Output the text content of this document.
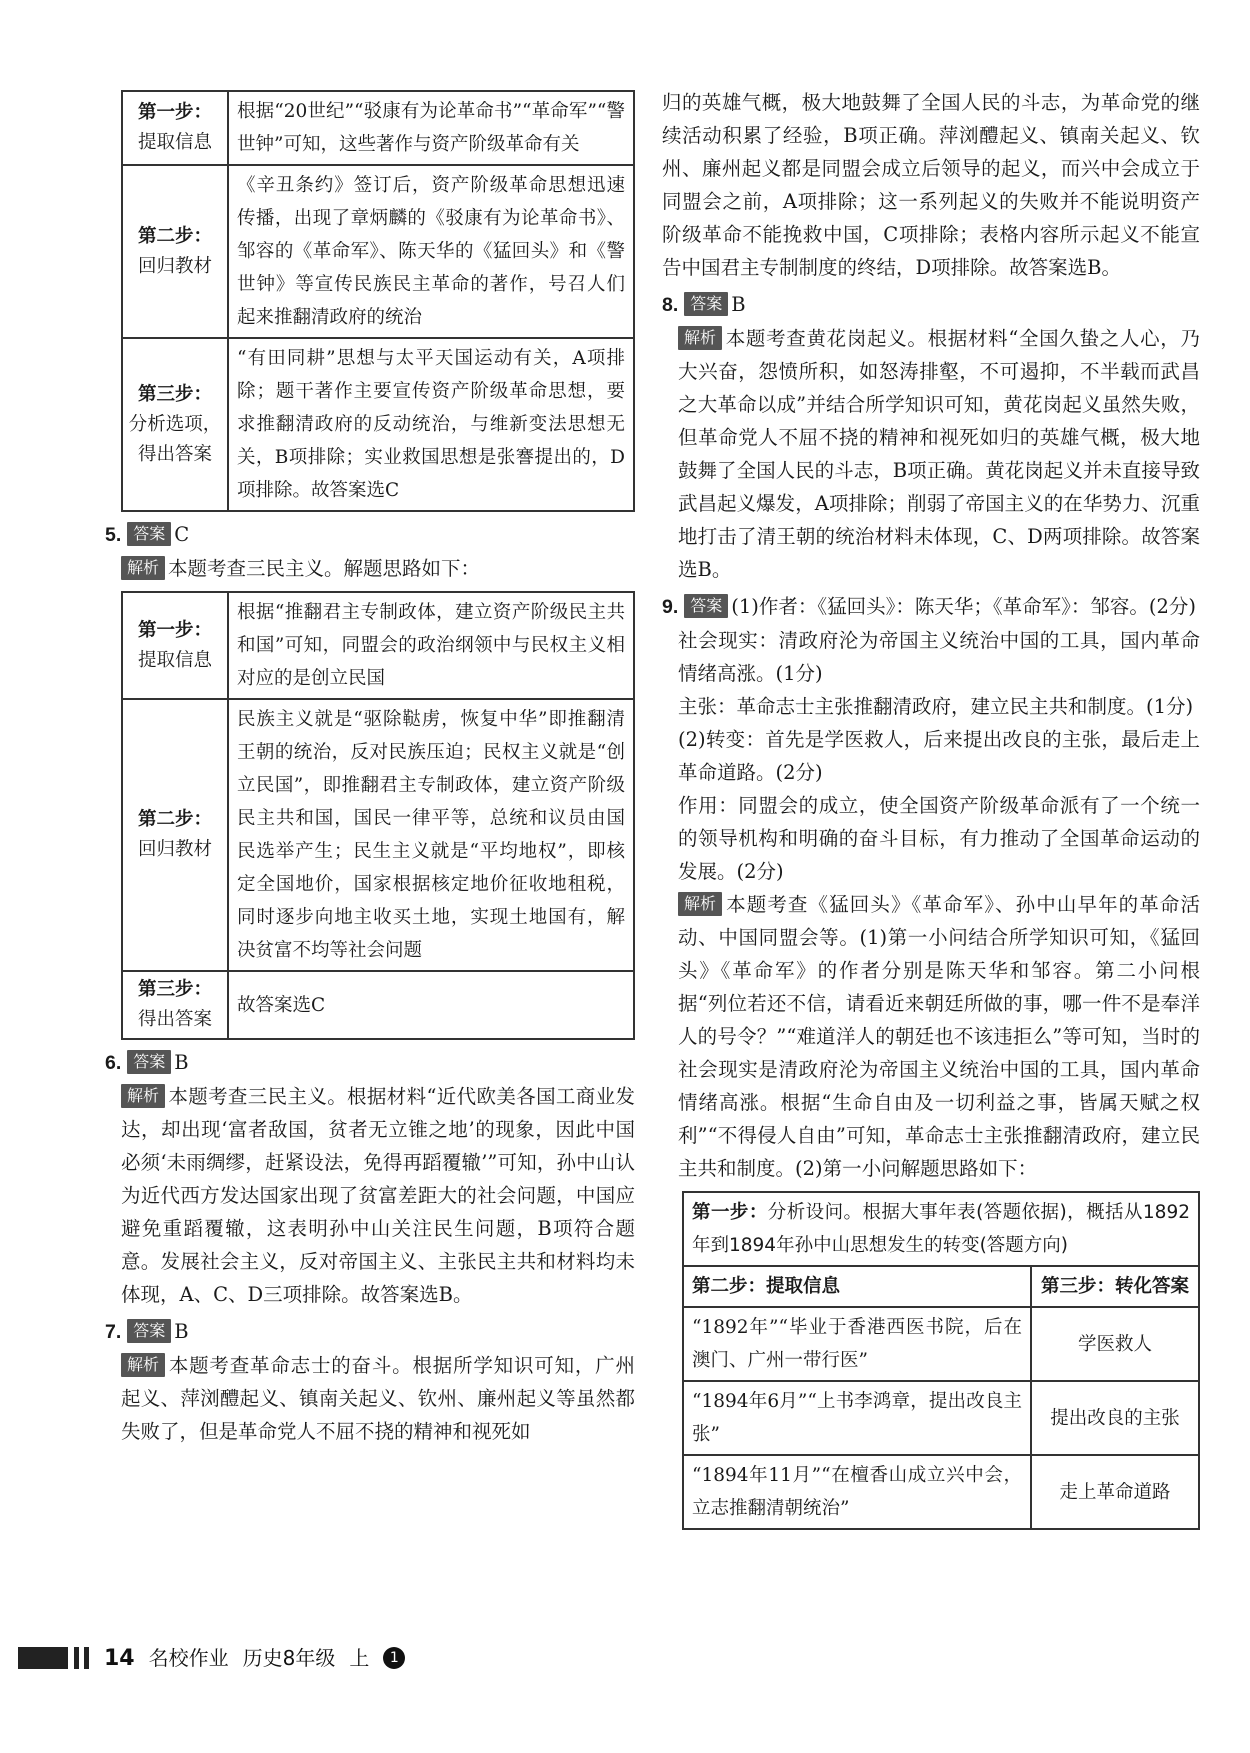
第一步：
提取信息	根据“20世纪”“驳康有为论革命书”“革命军”“警世钟”可知，这些著作与资产阶级革命有关

第二步：
回归教材	《辛丑条约》签订后，资产阶级革命思想迅速传播，出现了章炳麟的《驳康有为论革命书》、邹容的《革命军》、陈天华的《猛回头》和《警世钟》等宣传民族民主革命的著作，号召人们起来推翻清政府的统治

第三步：
分析选项，得出答案	“有田同耕”思想与太平天国运动有关，A项排除；题干著作主要宣传资产阶级革命思想，要求推翻清政府的反动统治，与维新变法思想无关，B项排除；实业救国思想是张謇提出的，D项排除。故答案选C

5. 答案 C

解析 本题考查三民主义。解题思路如下：

第一步：
提取信息	根据“推翻君主专制政体，建立资产阶级民主共和国”可知，同盟会的政治纲领中与民权主义相对应的是创立民国

第二步：
回归教材	民族主义就是“驱除鞑虏，恢复中华”即推翻清王朝的统治，反对民族压迫；民权主义就是“创立民国”，即推翻君主专制政体，建立资产阶级民主共和国，国民一律平等，总统和议员由国民选举产生；民生主义就是“平均地权”，即核定全国地价，国家根据核定地价征收地租税，同时逐步向地主收买土地，实现土地国有，解决贫富不均等社会问题

第三步：
得出答案	故答案选C

6. 答案 B

解析 本题考查三民主义。根据材料“近代欧美各国工商业发达，却出现‘富者敌国，贫者无立锥之地’的现象，因此中国必须‘未雨绸缪，赶紧设法，免得再蹈覆辙’”可知，孙中山认为近代西方发达国家出现了贫富差距大的社会问题，中国应避免重蹈覆辙，这表明孙中山关注民生问题，B项符合题意。发展社会主义，反对帝国主义、主张民主共和材料均未体现，A、C、D三项排除。故答案选B。

7. 答案 B

解析 本题考查革命志士的奋斗。根据所学知识可知，广州起义、萍浏醴起义、镇南关起义、钦州、廉州起义等虽然都失败了，但是革命党人不屈不挠的精神和视死如

归的英雄气概，极大地鼓舞了全国人民的斗志，为革命党的继续活动积累了经验，B项正确。萍浏醴起义、镇南关起义、钦州、廉州起义都是同盟会成立后领导的起义，而兴中会成立于同盟会之前，A项排除；这一系列起义的失败并不能说明资产阶级革命不能挽救中国，C项排除；表格内容所示起义不能宣告中国君主专制制度的终结，D项排除。故答案选B。

8. 答案 B

解析 本题考查黄花岗起义。根据材料“全国久蛰之人心，乃大兴奋，怨愤所积，如怒涛排壑，不可遏抑，不半载而武昌之大革命以成”并结合所学知识可知，黄花岗起义虽然失败，但革命党人不屈不挠的精神和视死如归的英雄气概，极大地鼓舞了全国人民的斗志，B项正确。黄花岗起义并未直接导致武昌起义爆发，A项排除；削弱了帝国主义的在华势力、沉重地打击了清王朝的统治材料未体现，C、D两项排除。故答案选B。

9. 答案 (1)作者：《猛回头》：陈天华；《革命军》：邹容。(2分)

社会现实：清政府沦为帝国主义统治中国的工具，国内革命情绪高涨。(1分)

主张：革命志士主张推翻清政府，建立民主共和制度。(1分)

(2)转变：首先是学医救人，后来提出改良的主张，最后走上革命道路。(2分)

作用：同盟会的成立，使全国资产阶级革命派有了一个统一的领导机构和明确的奋斗目标，有力推动了全国革命运动的发展。(2分)

解析 本题考查《猛回头》《革命军》、孙中山早年的革命活动、中国同盟会等。(1)第一小问结合所学知识可知，《猛回头》《革命军》的作者分别是陈天华和邹容。第二小问根据“列位若还不信，请看近来朝廷所做的事，哪一件不是奉洋人的号令？”“难道洋人的朝廷也不该违拒么”等可知，当时的社会现实是清政府沦为帝国主义统治中国的工具，国内革命情绪高涨。根据“生命自由及一切利益之事，皆属天赋之权利”“不得侵人自由”可知，革命志士主张推翻清政府，建立民主共和制度。(2)第一小问解题思路如下：

第一步：分析设问。根据大事年表(答题依据)，概括从1892年到1894年孙中山思想发生的转变(答题方向)	
第二步：提取信息	第三步：转化答案
“1892年”“毕业于香港西医书院，后在澳门、广州一带行医”	学医救人
“1894年6月”“上书李鸿章，提出改良主张”	提出改良的主张
“1894年11月”“在檀香山成立兴中会，立志推翻清朝统治”	走上革命道路
14 名校作业 历史8年级 上	1
